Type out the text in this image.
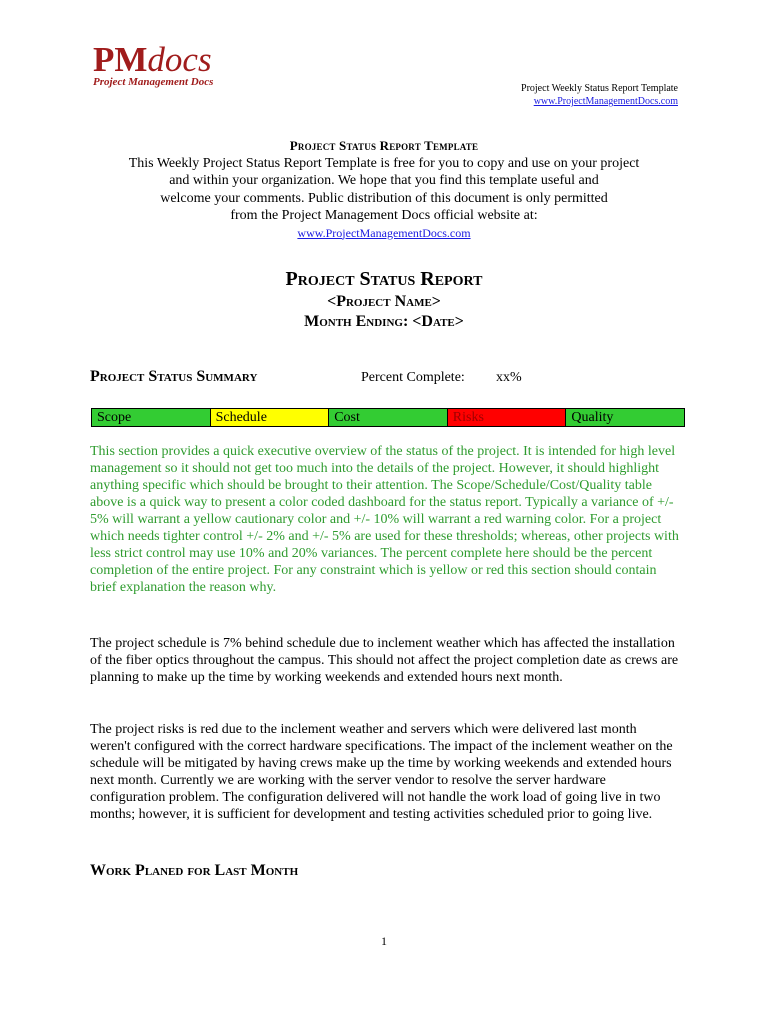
PMdocs
Project Management Docs
Project Weekly Status Report Template
www.ProjectManagementDocs.com
Project Status Report Template
This Weekly Project Status Report Template is free for you to copy and use on your project
and within your organization. We hope that you find this template useful and
welcome your comments. Public distribution of this document is only permitted
from the Project Management Docs official website at:
www.ProjectManagementDocs.com
Project Status Report
<Project Name>
Month Ending: <Date>
Project Status Summary	Percent Complete: xx%
Scope	Schedule	Cost	Risks	Quality

This section provides a quick executive overview of the status of the project. It is intended for high level management so it should not get too much into the details of the project. However, it should highlight anything specific which should be brought to their attention. The Scope/Schedule/Cost/Quality table above is a quick way to present a color coded dashboard for the status report. Typically a variance of +/- 5% will warrant a yellow cautionary color and +/- 10% will warrant a red warning color. For a project which needs tighter control +/- 2% and +/- 5% are used for these thresholds; whereas, other projects with less strict control may use 10% and 20% variances. The percent complete here should be the percent completion of the entire project. For any constraint which is yellow or red this section should contain brief explanation the reason why.

The project schedule is 7% behind schedule due to inclement weather which has affected the installation of the fiber optics throughout the campus. This should not affect the project completion date as crews are planning to make up the time by working weekends and extended hours next month.

The project risks is red due to the inclement weather and servers which were delivered last month weren't configured with the correct hardware specifications. The impact of the inclement weather on the schedule will be mitigated by having crews make up the time by working weekends and extended hours next month. Currently we are working with the server vendor to resolve the server hardware configuration problem. The configuration delivered will not handle the work load of going live in two months; however, it is sufficient for development and testing activities scheduled prior to going live.

Work Planed for Last Month
1
